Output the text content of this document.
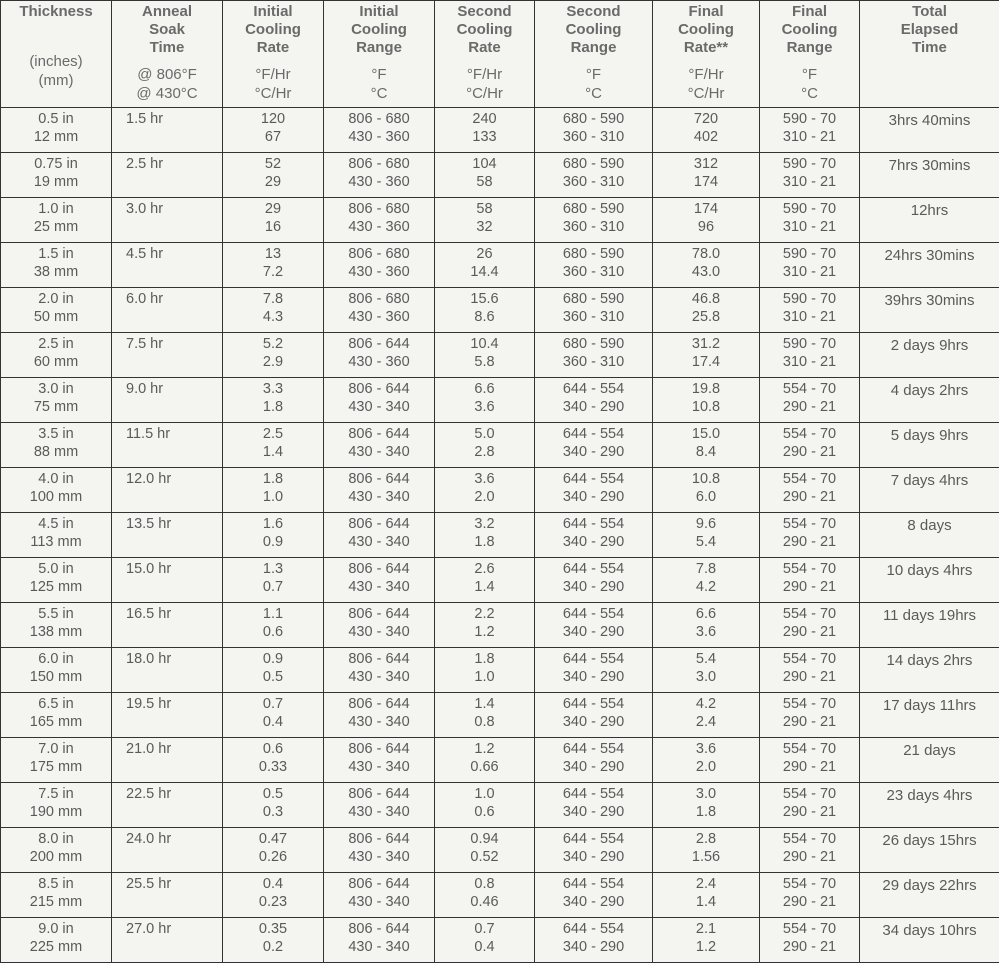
Thickness

(inches)
(mm)	Anneal
Soak
Time
@ 806°F
@ 430°C	Initial
Cooling
Rate
°F/Hr
°C/Hr	Initial
Cooling
Range
°F
°C	Second
Cooling
Rate
°F/Hr
°C/Hr	Second
Cooling
Range
°F
°C	Final
Cooling
Rate**
°F/Hr
°C/Hr	Final
Cooling
Range
°F
°C	Total
Elapsed
Time

0.5 in
12 mm	1.5 hr	120
67	806 - 680
430 - 360	240
133	680 - 590
360 - 310	720
402	590 - 70
310 - 21	3hrs 40mins

0.75 in
19 mm	2.5 hr	52
29	806 - 680
430 - 360	104
58	680 - 590
360 - 310	312
174	590 - 70
310 - 21	7hrs 30mins

1.0 in
25 mm	3.0 hr	29
16	806 - 680
430 - 360	58
32	680 - 590
360 - 310	174
96	590 - 70
310 - 21	12hrs

1.5 in
38 mm	4.5 hr	13
7.2	806 - 680
430 - 360	26
14.4	680 - 590
360 - 310	78.0
43.0	590 - 70
310 - 21	24hrs 30mins

2.0 in
50 mm	6.0 hr	7.8
4.3	806 - 680
430 - 360	15.6
8.6	680 - 590
360 - 310	46.8
25.8	590 - 70
310 - 21	39hrs 30mins

2.5 in
60 mm	7.5 hr	5.2
2.9	806 - 644
430 - 360	10.4
5.8	680 - 590
360 - 310	31.2
17.4	590 - 70
310 - 21	2 days 9hrs

3.0 in
75 mm	9.0 hr	3.3
1.8	806 - 644
430 - 340	6.6
3.6	644 - 554
340 - 290	19.8
10.8	554 - 70
290 - 21	4 days 2hrs

3.5 in
88 mm	11.5 hr	2.5
1.4	806 - 644
430 - 340	5.0
2.8	644 - 554
340 - 290	15.0
8.4	554 - 70
290 - 21	5 days 9hrs

4.0 in
100 mm	12.0 hr	1.8
1.0	806 - 644
430 - 340	3.6
2.0	644 - 554
340 - 290	10.8
6.0	554 - 70
290 - 21	7 days 4hrs

4.5 in
113 mm	13.5 hr	1.6
0.9	806 - 644
430 - 340	3.2
1.8	644 - 554
340 - 290	9.6
5.4	554 - 70
290 - 21	8 days

5.0 in
125 mm	15.0 hr	1.3
0.7	806 - 644
430 - 340	2.6
1.4	644 - 554
340 - 290	7.8
4.2	554 - 70
290 - 21	10 days 4hrs

5.5 in
138 mm	16.5 hr	1.1
0.6	806 - 644
430 - 340	2.2
1.2	644 - 554
340 - 290	6.6
3.6	554 - 70
290 - 21	11 days 19hrs

6.0 in
150 mm	18.0 hr	0.9
0.5	806 - 644
430 - 340	1.8
1.0	644 - 554
340 - 290	5.4
3.0	554 - 70
290 - 21	14 days 2hrs

6.5 in
165 mm	19.5 hr	0.7
0.4	806 - 644
430 - 340	1.4
0.8	644 - 554
340 - 290	4.2
2.4	554 - 70
290 - 21	17 days 11hrs

7.0 in
175 mm	21.0 hr	0.6
0.33	806 - 644
430 - 340	1.2
0.66	644 - 554
340 - 290	3.6
2.0	554 - 70
290 - 21	21 days

7.5 in
190 mm	22.5 hr	0.5
0.3	806 - 644
430 - 340	1.0
0.6	644 - 554
340 - 290	3.0
1.8	554 - 70
290 - 21	23 days 4hrs

8.0 in
200 mm	24.0 hr	0.47
0.26	806 - 644
430 - 340	0.94
0.52	644 - 554
340 - 290	2.8
1.56	554 - 70
290 - 21	26 days 15hrs

8.5 in
215 mm	25.5 hr	0.4
0.23	806 - 644
430 - 340	0.8
0.46	644 - 554
340 - 290	2.4
1.4	554 - 70
290 - 21	29 days 22hrs

9.0 in
225 mm	27.0 hr	0.35
0.2	806 - 644
430 - 340	0.7
0.4	644 - 554
340 - 290	2.1
1.2	554 - 70
290 - 21	34 days 10hrs
